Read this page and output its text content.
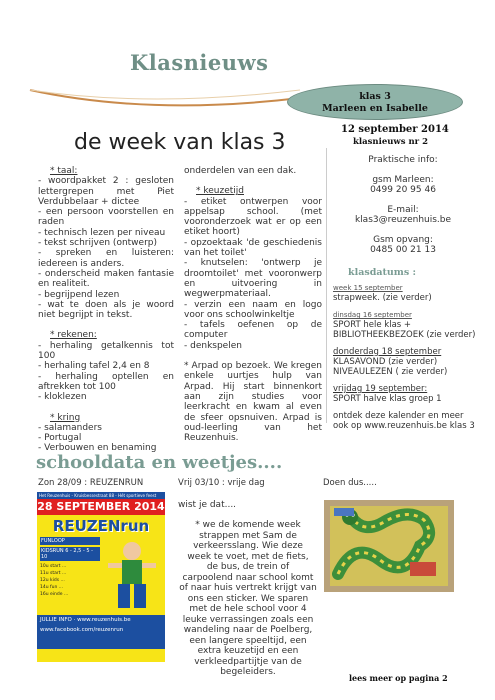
Klasnieuws
klas 3
Marleen en Isabelle
de week van klas 3
12 september 2014
klasnieuws nr 2
* taal:

- woordpakket 2 : gesloten lettergrepen met Piet Verdubbelaar + dictee

- een persoon voorstellen en raden

- technisch lezen per niveau

- tekst schrijven (ontwerp)

- spreken en luisteren: iedereen is anders.

- onderscheid maken fantasie en realiteit.

- begrijpend lezen

- wat te doen als je woord niet begrijpt in tekst.

* rekenen:

- herhaling getalkennis tot 100

- herhaling tafel 2,4 en 8

- herhaling optellen en aftrekken tot 100

- kloklezen

* kring

- salamanders

- Portugal

- Verbouwen en benaming

onderdelen van een dak.

* keuzetijd

- etiket ontwerpen voor appelsap school. (met vooronderzoek wat er op een etiket hoort)

- opzoektaak 'de geschiedenis van het toilet'

- knutselen: 'ontwerp je droomtoilet' met vooronwerp en uitvoering in wegwerpmateriaal.

- verzin een naam en logo voor ons schoolwinkeltje

- tafels oefenen op de computer

- denkspelen

* Arpad op bezoek. We kregen enkele uurtjes hulp van Arpad. Hij start binnenkort aan zijn studies voor leerkracht en kwam al even de sfeer opsnuiven. Arpad is oud-leerling van het Reuzenhuis.

Praktische info:

gsm Marleen:

0499 20 95 46

E-mail:

klas3@reuzenhuis.be

Gsm opvang:

0485 00 21 13

klasdatums :

week 15 september

strapweek. (zie verder)

dinsdag 16 september

SPORT hele klas + BIBLIOTHEEKBEZOEK (zie verder)

donderdag 18 september

KLASAVOND (zie verder) NIVEAULEZEN ( zie verder)

vrijdag 19 september:

SPORT halve klas groep 1

ontdek deze kalender en meer ook op www.reuzenhuis.be klas 3

schooldata en weetjes....
Zon 28/09 : REUZENRUN	Vrij 03/10 : vrije dag	Doen dus.....
Het Reuzenhuis - Kruisbessestraat 88 - Hét sportieve feest
28 SEPTEMBER 2014
REUZENrun
FUNLOOP
KIDSRUN 6 - 2,5 - 5 - 10
10u start ...
11u start ...
12u kids ...
14u fun ...
16u einde ...
JULLIE INFO · www.reuzenhuis.be
www.facebook.com/reuzenrun
wist je dat....

* we de komende week

strappen met Sam de

verkeersslang. Wie deze

week te voet, met de fiets,

de bus, de trein of

carpoolend naar school komt

of naar huis vertrekt krijgt van

ons een sticker. We sparen

met de hele school voor 4

leuke verrassingen zoals een

wandeling naar de Poelberg,

een langere speeltijd, een

extra keuzetijd en een

verkleedpartijtje van de

begeleiders.

lees meer op pagina 2
